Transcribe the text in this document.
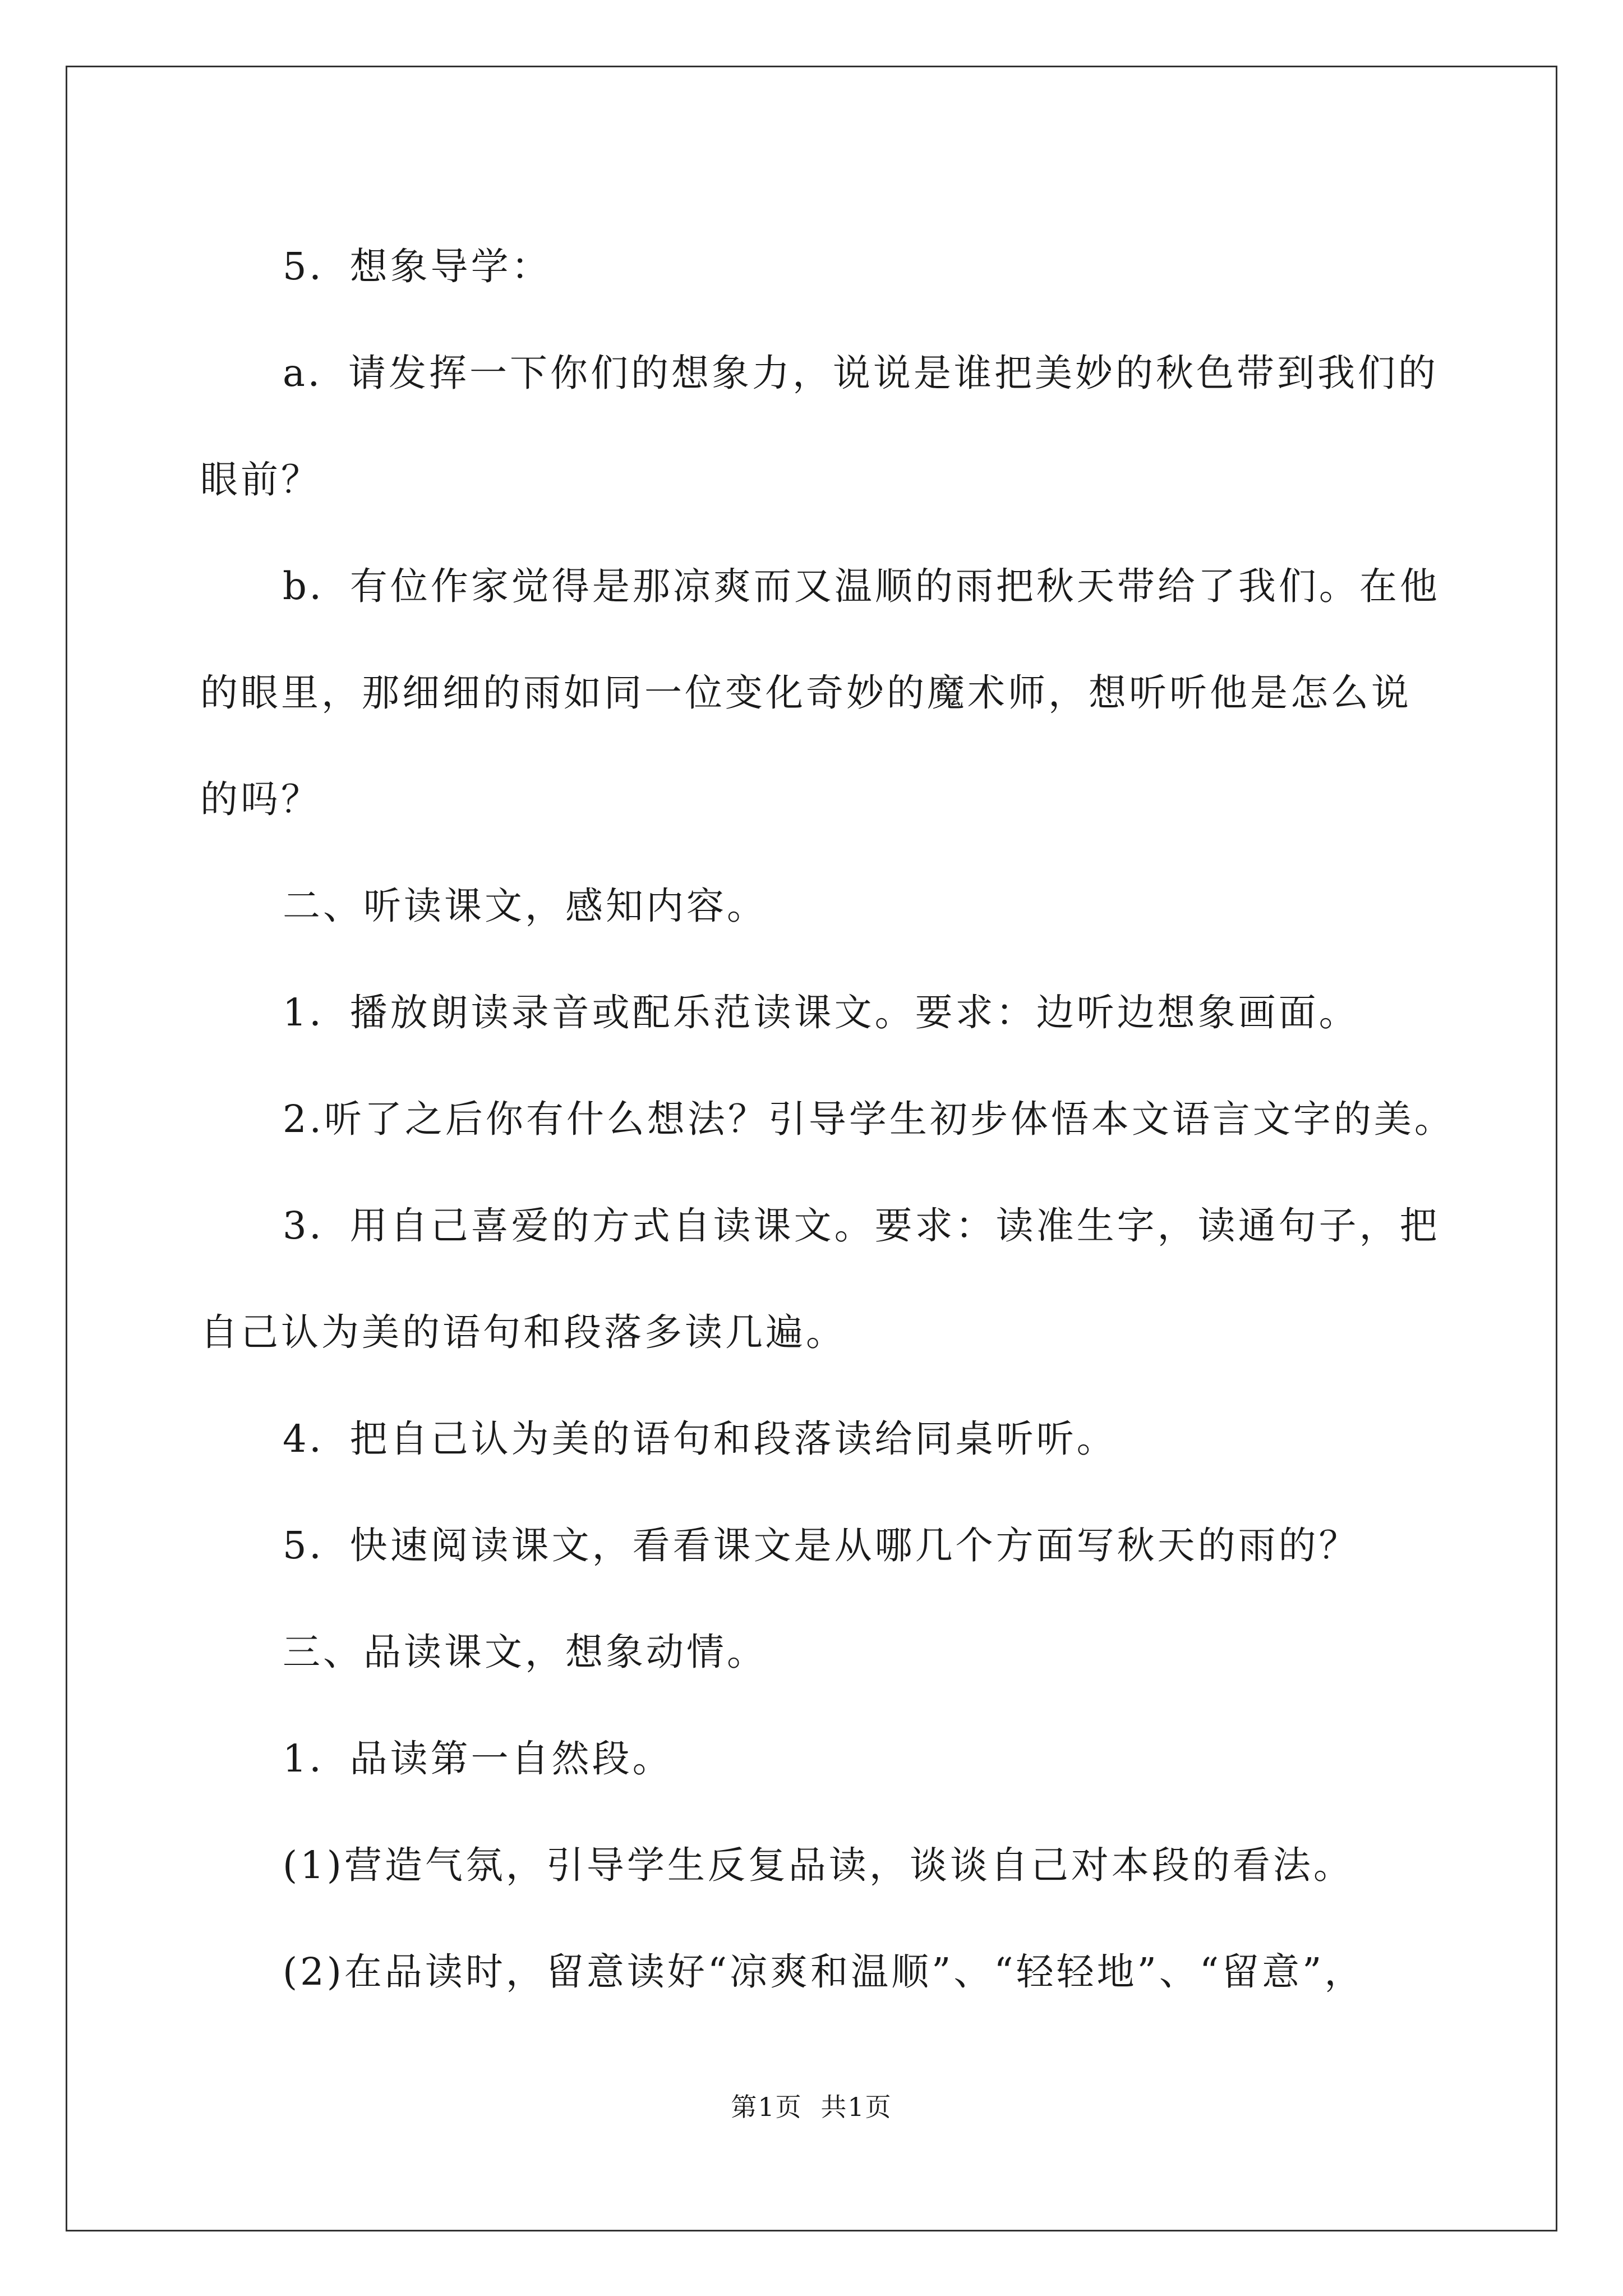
5．想象导学：
a．请发挥一下你们的想象力，说说是谁把美妙的秋色带到我们的
眼前？
b．有位作家觉得是那凉爽而又温顺的雨把秋天带给了我们。在他
的眼里，那细细的雨如同一位变化奇妙的魔术师，想听听他是怎么说
的吗？
二、听读课文，感知内容。
1．播放朗读录音或配乐范读课文。要求：边听边想象画面。
2.听了之后你有什么想法？引导学生初步体悟本文语言文字的美。
3．用自己喜爱的方式自读课文。要求：读准生字，读通句子，把
自己认为美的语句和段落多读几遍。
4．把自己认为美的语句和段落读给同桌听听。
5．快速阅读课文，看看课文是从哪几个方面写秋天的雨的？
三、品读课文，想象动情。
1．品读第一自然段。
(1)营造气氛，引导学生反复品读，谈谈自己对本段的看法。
(2)在品读时，留意读好“凉爽和温顺”、“轻轻地”、“留意”，
第1页 共1页
